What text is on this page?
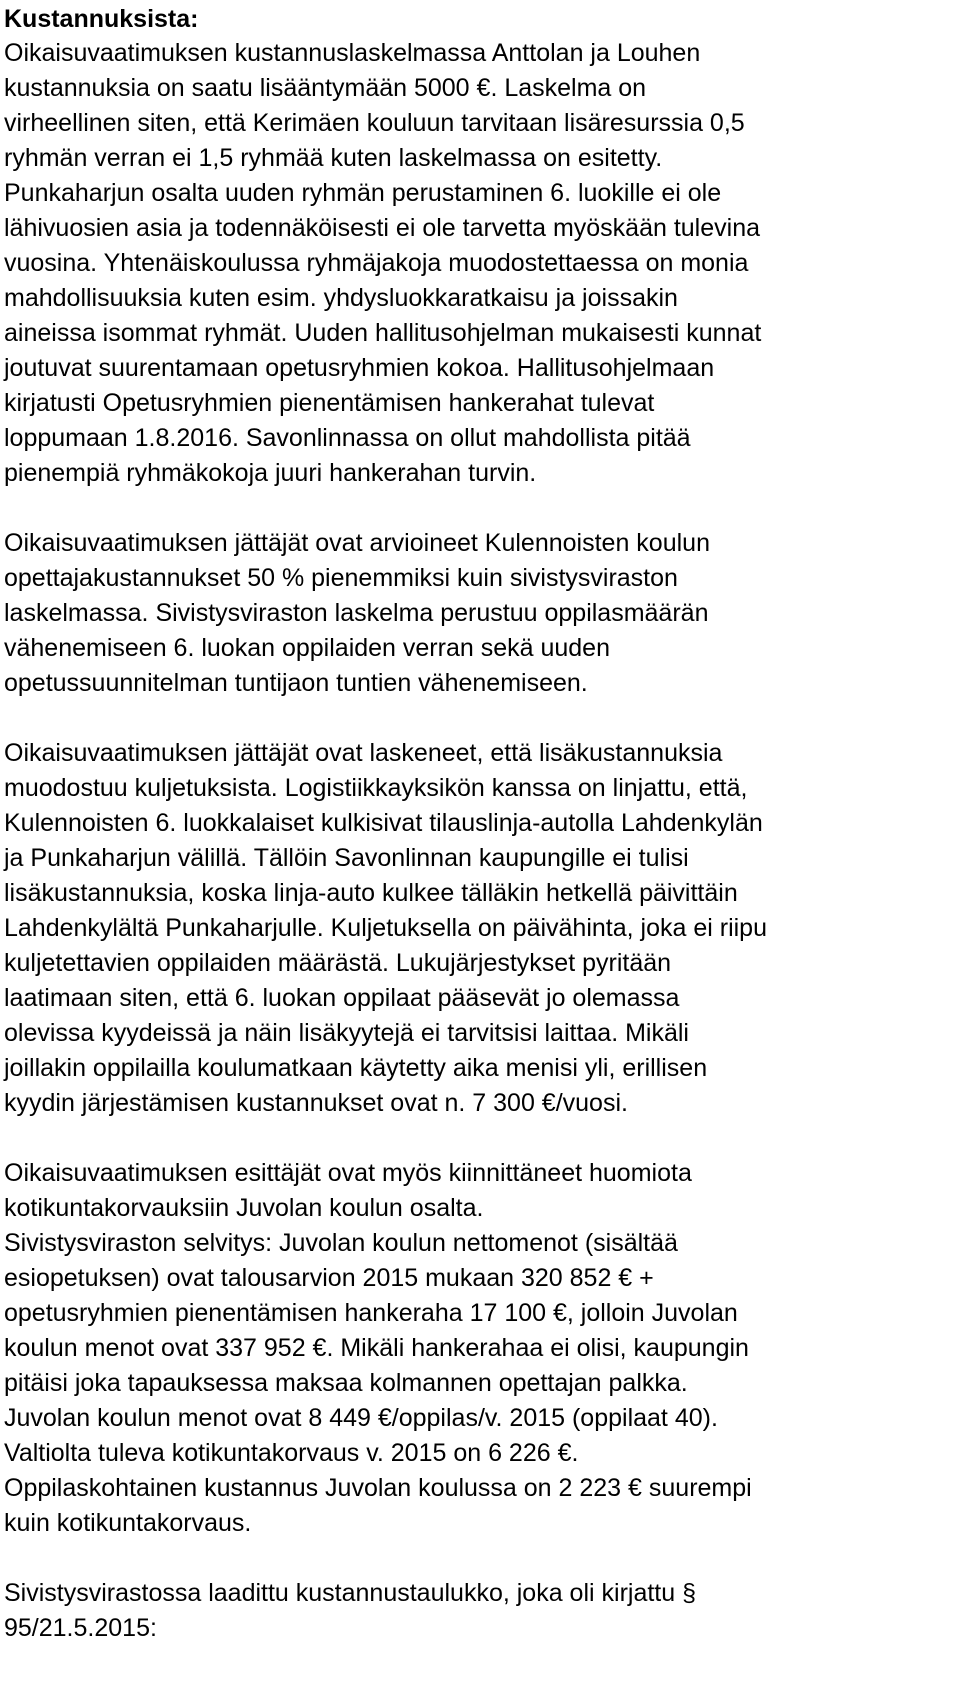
Kustannuksista:
Oikaisuvaatimuksen kustannuslaskelmassa Anttolan ja Louhen
kustannuksia on saatu lisääntymään 5000 €. Laskelma on
virheellinen siten, että Kerimäen kouluun tarvitaan lisäresurssia 0,5
ryhmän verran ei 1,5 ryhmää kuten laskelmassa on esitetty.
Punkaharjun osalta uuden ryhmän perustaminen 6. luokille ei ole
lähivuosien asia ja todennäköisesti ei ole tarvetta myöskään tulevina
vuosina. Yhtenäiskoulussa ryhmäjakoja muodostettaessa on monia
mahdollisuuksia kuten esim. yhdysluokkaratkaisu ja joissakin
aineissa isommat ryhmät. Uuden hallitusohjelman mukaisesti kunnat
joutuvat suurentamaan opetusryhmien kokoa. Hallitusohjelmaan
kirjatusti Opetusryhmien pienentämisen hankerahat tulevat
loppumaan 1.8.2016. Savonlinnassa on ollut mahdollista pitää
pienempiä ryhmäkokoja juuri hankerahan turvin.
Oikaisuvaatimuksen jättäjät ovat arvioineet Kulennoisten koulun
opettajakustannukset 50 % pienemmiksi kuin sivistysviraston
laskelmassa. Sivistysviraston laskelma perustuu oppilasmäärän
vähenemiseen 6. luokan oppilaiden verran sekä uuden
opetussuunnitelman tuntijaon tuntien vähenemiseen.
Oikaisuvaatimuksen jättäjät ovat laskeneet, että lisäkustannuksia
muodostuu kuljetuksista. Logistiikkayksikön kanssa on linjattu, että,
Kulennoisten 6. luokkalaiset kulkisivat tilauslinja-autolla Lahdenkylän
ja Punkaharjun välillä. Tällöin Savonlinnan kaupungille ei tulisi
lisäkustannuksia, koska linja-auto kulkee tälläkin hetkellä päivittäin
Lahdenkylältä Punkaharjulle. Kuljetuksella on päivähinta, joka ei riipu
kuljetettavien oppilaiden määrästä. Lukujärjestykset pyritään
laatimaan siten, että 6. luokan oppilaat pääsevät jo olemassa
olevissa kyydeissä ja näin lisäkyytejä ei tarvitsisi laittaa. Mikäli
joillakin oppilailla koulumatkaan käytetty aika menisi yli, erillisen
kyydin järjestämisen kustannukset ovat n. 7 300 €/vuosi.
Oikaisuvaatimuksen esittäjät ovat myös kiinnittäneet huomiota
kotikuntakorvauksiin Juvolan koulun osalta.
Sivistysviraston selvitys: Juvolan koulun nettomenot (sisältää
esiopetuksen) ovat talousarvion 2015 mukaan 320 852 € +
opetusryhmien pienentämisen hankeraha 17 100 €, jolloin Juvolan
koulun menot ovat 337 952 €. Mikäli hankerahaa ei olisi, kaupungin
pitäisi joka tapauksessa maksaa kolmannen opettajan palkka.
Juvolan koulun menot ovat 8 449 €/oppilas/v. 2015 (oppilaat 40).
Valtiolta tuleva kotikuntakorvaus v. 2015 on 6 226 €.
Oppilaskohtainen kustannus Juvolan koulussa on 2 223 € suurempi
kuin kotikuntakorvaus.
Sivistysvirastossa laadittu kustannustaulukko, joka oli kirjattu §
95/21.5.2015:
